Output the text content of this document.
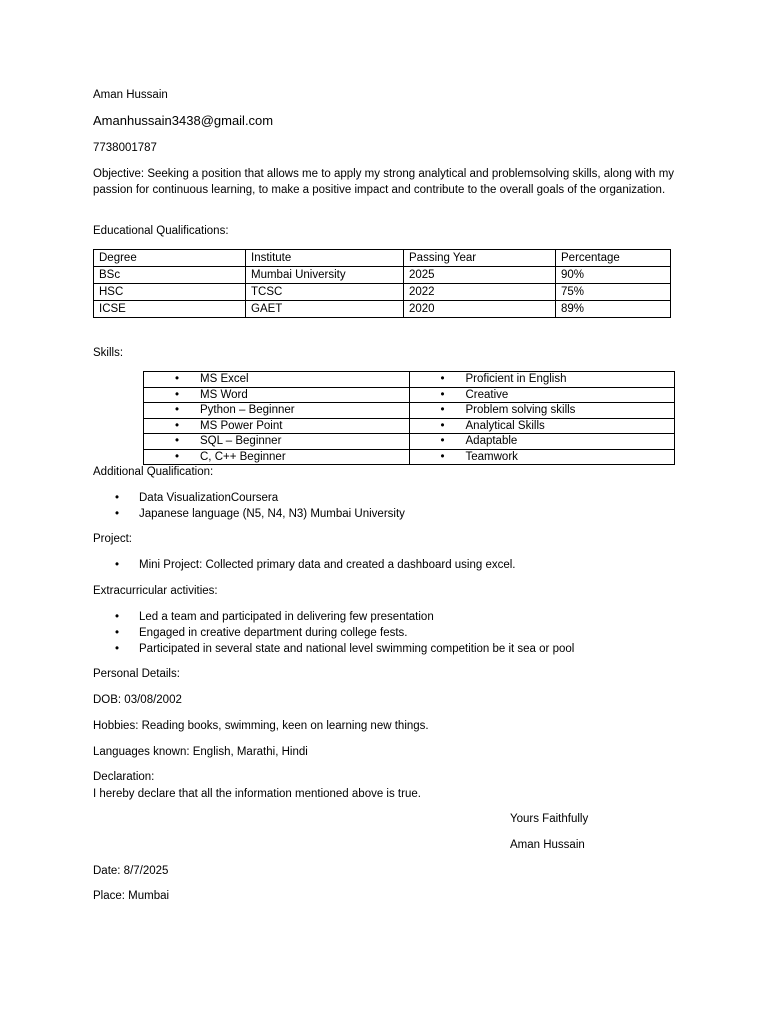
Aman Hussain
Amanhussain3438@gmail.com
7738001787
Objective: Seeking a position that allows me to apply my strong analytical and problemsolving skills, along with my passion for continuous learning, to make a positive impact and contribute to the overall goals of the organization.
Educational Qualifications:
Degree	Institute	Passing Year	Percentage
BSc	Mumbai University	2025	90%
HSC	TCSC	2022	75%
ICSE	GAET	2020	89%
Skills:
• MS Excel	• Proficient in English

• MS Word	• Creative

• Python – Beginner	• Problem solving skills

• MS Power Point	• Analytical Skills

• SQL – Beginner	• Adaptable

• C, C++ Beginner	• Teamwork
Additional Qualification:
• Data VisualizationCoursera
• Japanese language (N5, N4, N3) Mumbai University
Project:
• Mini Project: Collected primary data and created a dashboard using excel.
Extracurricular activities:
• Led a team and participated in delivering few presentation
• Engaged in creative department during college fests.
• Participated in several state and national level swimming competition be it sea or pool
Personal Details:
DOB: 03/08/2002
Hobbies: Reading books, swimming, keen on learning new things.
Languages known: English, Marathi, Hindi
Declaration:
I hereby declare that all the information mentioned above is true.
Yours Faithfully
Aman Hussain
Date: 8/7/2025
Place: Mumbai
